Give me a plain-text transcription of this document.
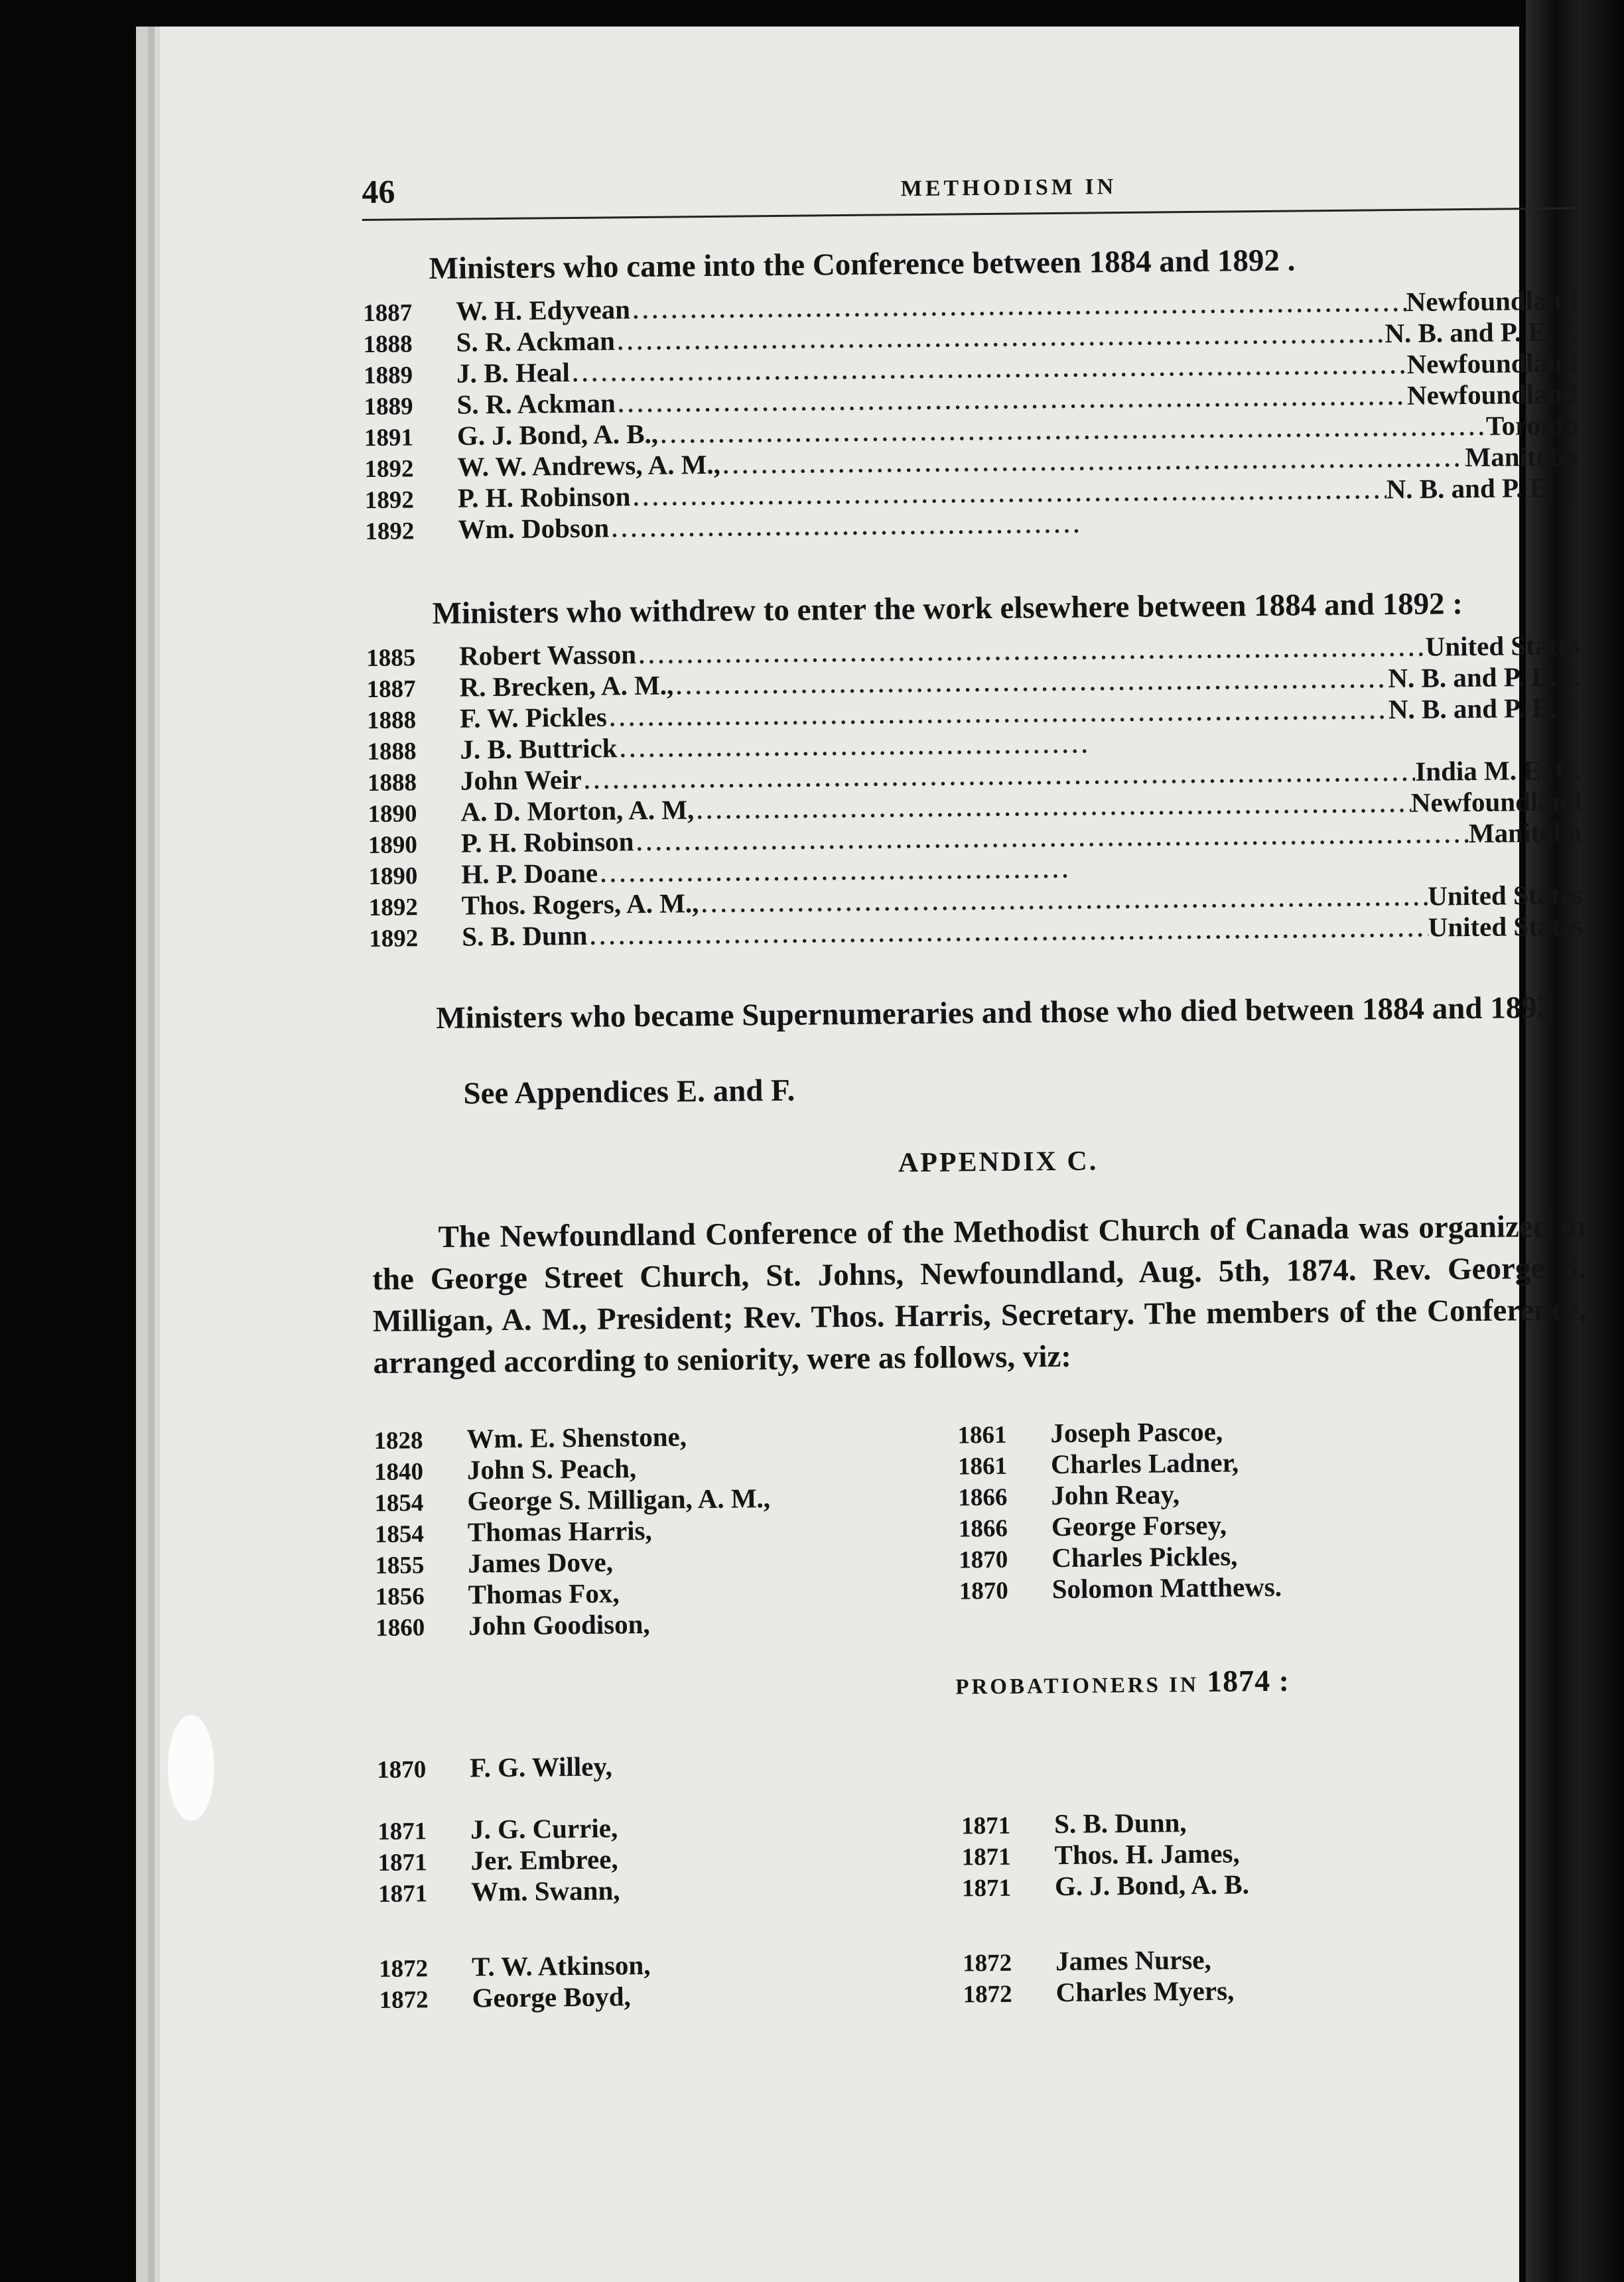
46	METHODISM IN

Ministers who came into the Conference between 1884 and 1892 .

1887	W. H. Edyvean .....	Newfoundland
1888	S. R. Ackman .....	N. B. and P. E. I.
1889	J. B. Heal .....	Newfoundland
1889	S. R. Ackman .....	Newfoundland
1891	G. J. Bond, A. B., .....	Toronto
1892	W. W. Andrews, A. M., .....	Manitoba
1892	P. H. Robinson .....	N. B. and P. E. I.
1892	Wm. Dobson
.....

Ministers who withdrew to enter the work elsewhere between 1884 and 1892 :

1885	Robert Wasson .....	United States
1887	R. Brecken, A. M., .....	N. B. and P. E. I.
1888	F. W. Pickles .....	N. B. and P. E. I.
1888	J. B. Buttrick
.....
1888	John Weir .....	India M. E. C.
1890	A. D. Morton, A. M, .....	Newfoundland
1890	P. H. Robinson .....	Manitoba
1890	H. P. Doane
.....
1892	Thos. Rogers, A. M., .....	United States
1892	S. B. Dunn .....	United States

Ministers who became Supernumeraries and those who died between 1884 and 1892 :

See Appendices E. and F.
APPENDIX C.

The Newfoundland Conference of the Methodist Church of Canada was organized in the George Street Church, St. Johns, Newfoundland, Aug. 5th, 1874. Rev. George S. Milligan, A. M., President; Rev. Thos. Harris, Secretary. The members of the Conference, arranged according to seniority, were as follows, viz:

1828	Wm. E. Shenstone,
1840	John S. Peach,
1854	George S. Milligan, A. M.,
1854	Thomas Harris,
1855	James Dove,
1856	Thomas Fox,
1860	John Goodison,
1861	Joseph Pascoe,
1861	Charles Ladner,
1866	John Reay,
1866	George Forsey,
1870	Charles Pickles,
1870	Solomon Matthews.
PROBATIONERS IN 1874 :
1870	F. G. Willey,
1871	J. G. Currie,
1871	Jer. Embree,
1871	Wm. Swann,
1871	S. B. Dunn,
1871	Thos. H. James,
1871	G. J. Bond, A. B.
1872	T. W. Atkinson,
1872	George Boyd,
1872	James Nurse,
1872	Charles Myers,
